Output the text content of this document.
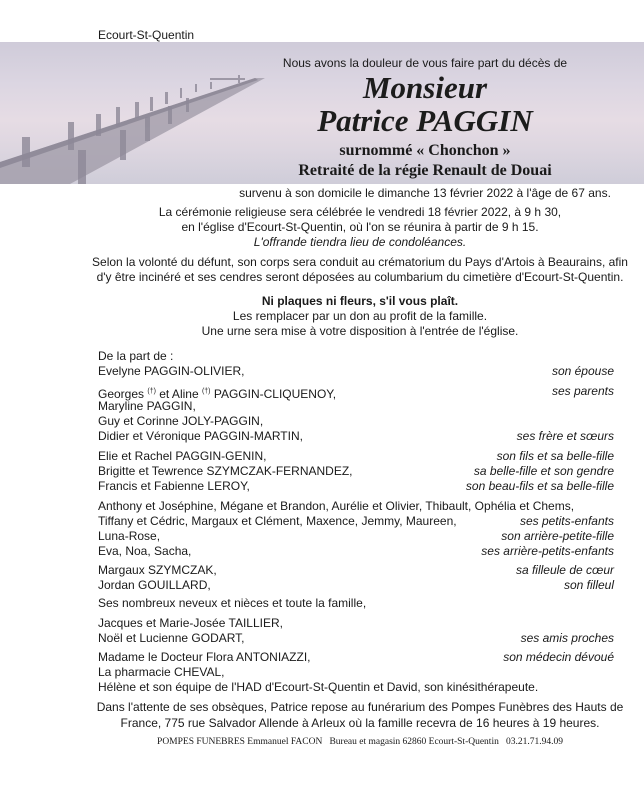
Ecourt-St-Quentin
Nous avons la douleur de vous faire part du décès de
Monsieur
Patrice PAGGIN
surnommé « Chonchon »
Retraité de la régie Renault de Douai
survenu à son domicile le dimanche 13 février 2022 à l'âge de 67 ans.
La cérémonie religieuse sera célébrée le vendredi 18 février 2022, à 9 h 30,
en l'église d'Ecourt-St-Quentin, où l'on se réunira à partir de 9 h 15.
L'offrande tiendra lieu de condoléances.
Selon la volonté du défunt, son corps sera conduit au crématorium du Pays d'Artois à Beaurains, afin
d'y être incinéré et ses cendres seront déposées au columbarium du cimetière d'Ecourt-St-Quentin.
Ni plaques ni fleurs, s'il vous plaît.
Les remplacer par un don au profit de la famille.
Une urne sera mise à votre disposition à l'entrée de l'église.
De la part de :
Evelyne PAGGIN-OLIVIER,	son épouse
Georges (†) et Aline (†) PAGGIN-CLIQUENOY,	ses parents
Maryline PAGGIN,
Guy et Corinne JOLY-PAGGIN,
Didier et Véronique PAGGIN-MARTIN,	ses frère et sœurs
Elie et Rachel PAGGIN-GENIN,	son fils et sa belle-fille
Brigitte et Tewrence SZYMCZAK-FERNANDEZ,	sa belle-fille et son gendre
Francis et Fabienne LEROY,	son beau-fils et sa belle-fille
Anthony et Joséphine, Mégane et Brandon, Aurélie et Olivier, Thibault, Ophélia et Chems,
Tiffany et Cédric, Margaux et Clément, Maxence, Jemmy, Maureen,	ses petits-enfants
Luna-Rose,	son arrière-petite-fille
Eva, Noa, Sacha,	ses arrière-petits-enfants
Margaux SZYMCZAK,	sa filleule de cœur
Jordan GOUILLARD,	son filleul
Ses nombreux neveux et nièces et toute la famille,
Jacques et Marie-Josée TAILLIER,
Noël et Lucienne GODART,	ses amis proches
Madame le Docteur Flora ANTONIAZZI,	son médecin dévoué
La pharmacie CHEVAL,
Hélène et son équipe de l'HAD d'Ecourt-St-Quentin et David, son kinésithérapeute.
Dans l'attente de ses obsèques, Patrice repose au funérarium des Pompes Funèbres des Hauts de
France, 775 rue Salvador Allende à Arleux où la famille recevra de 16 heures à 19 heures.
POMPES FUNEBRES Emmanuel FACON   Bureau et magasin 62860 Ecourt-St-Quentin   03.21.71.94.09
